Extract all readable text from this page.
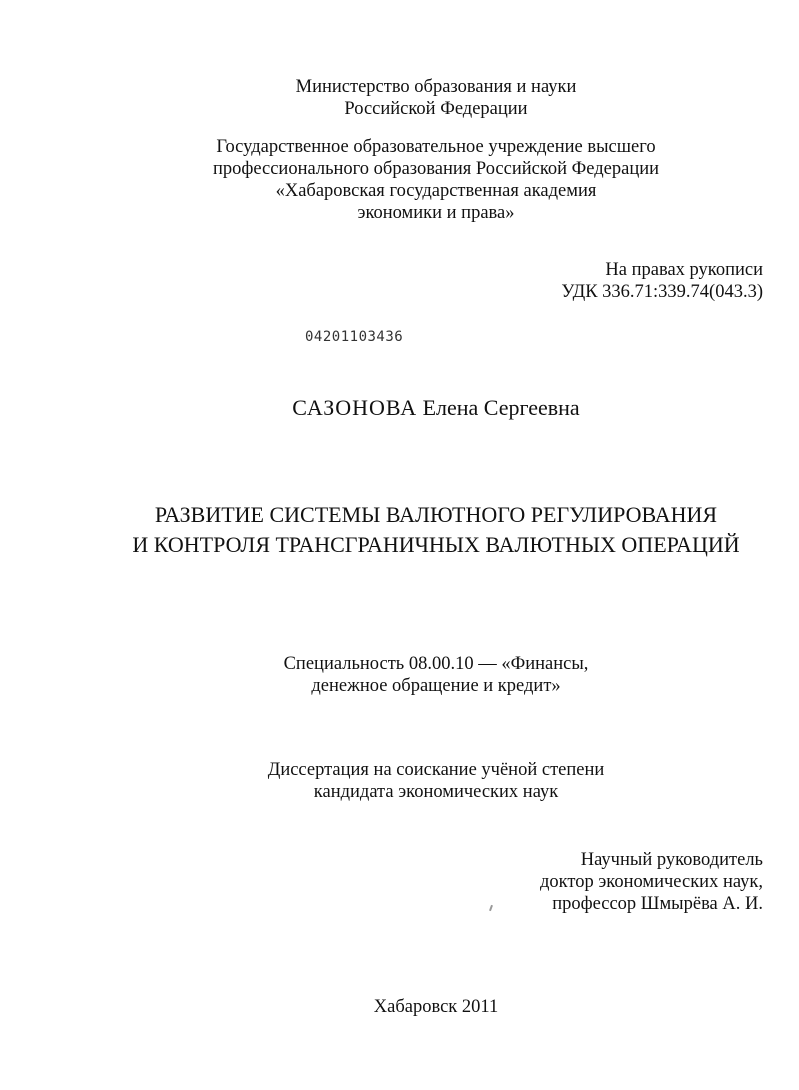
Министерство образования и науки
Российской Федерации
Государственное образовательное учреждение высшего
профессионального образования Российской Федерации
«Хабаровская государственная академия
экономики и права»
На правах рукописи
УДК 336.71:339.74(043.3)
04201103436
САЗОНОВА Елена Сергеевна
РАЗВИТИЕ СИСТЕМЫ ВАЛЮТНОГО РЕГУЛИРОВАНИЯ
И КОНТРОЛЯ ТРАНСГРАНИЧНЫХ ВАЛЮТНЫХ ОПЕРАЦИЙ
Специальность 08.00.10 — «Финансы,
денежное обращение и кредит»
Диссертация на соискание учёной степени
кандидата экономических наук
Научный руководитель
доктор экономических наук,
профессор Шмырёва А. И.
Хабаровск 2011
